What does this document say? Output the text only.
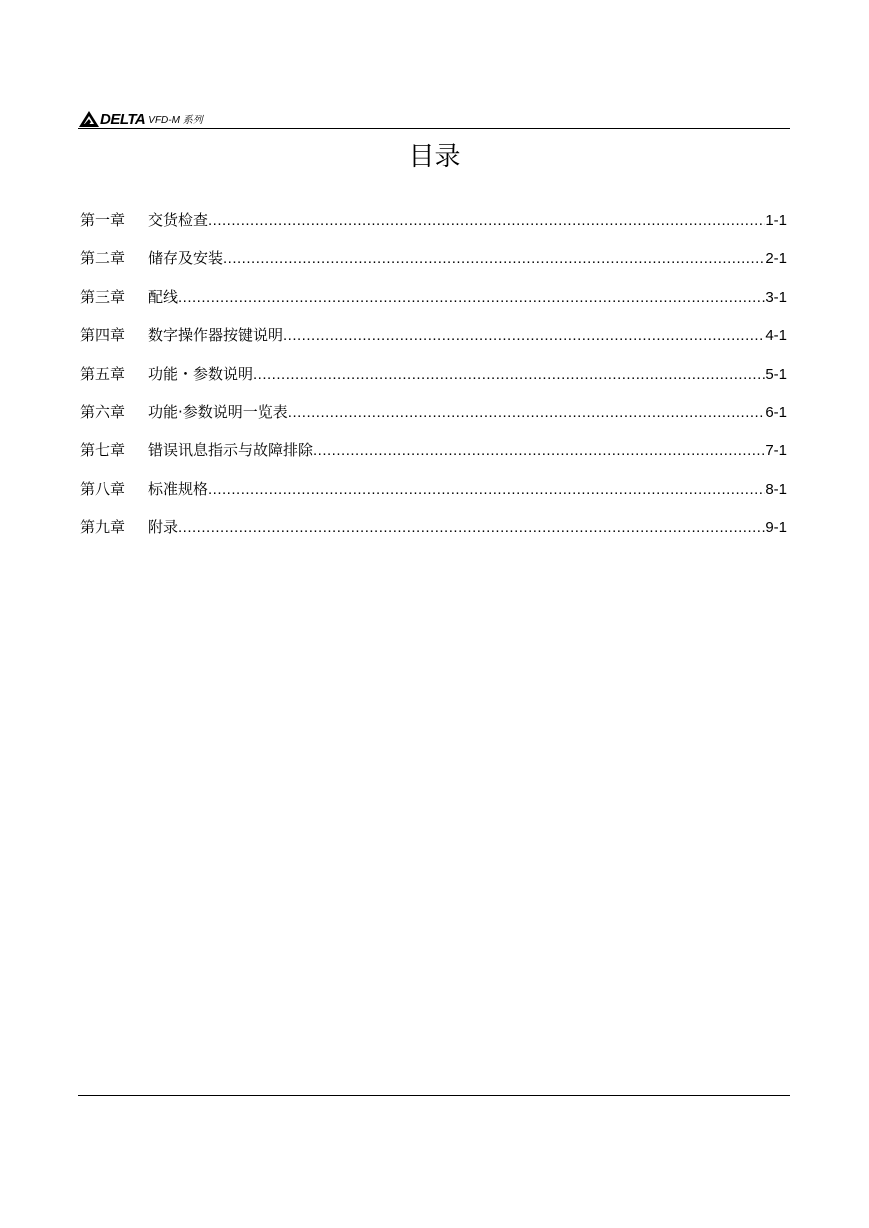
DELTA VFD-M 系列
目录
第一章	交货检查 .....	1-1
第二章	储存及安装 .....	2-1
第三章	配线 .....	3-1
第四章	数字操作器按键说明 .....	4-1
第五章	功能・参数说明 .....	5-1
第六章	功能·参数说明一览表 .....	6-1
第七章	错误讯息指示与故障排除 .....	7-1
第八章	标准规格 .....	8-1
第九章	附录 .....	9-1
